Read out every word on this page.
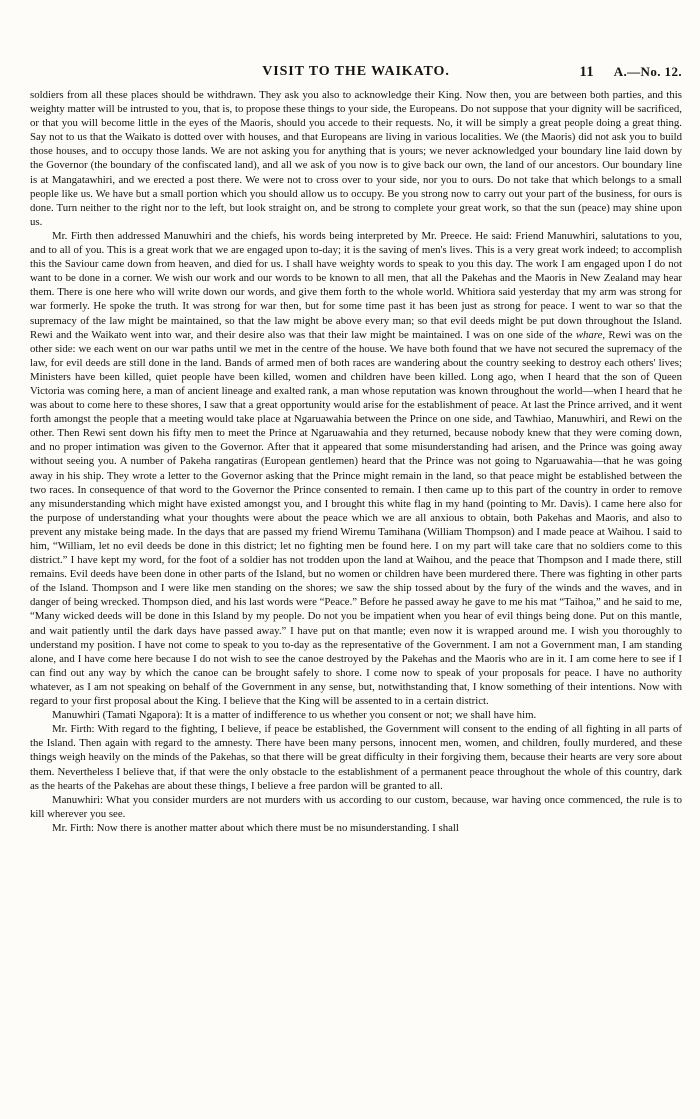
VISIT TO THE WAIKATO.	11 A.—No. 12.

soldiers from all these places should be withdrawn. They ask you also to acknowledge their King. Now then, you are between both parties, and this weighty matter will be intrusted to you, that is, to propose these things to your side, the Europeans. Do not suppose that your dignity will be sacrificed, or that you will become little in the eyes of the Maoris, should you accede to their requests. No, it will be simply a great people doing a great thing. Say not to us that the Waikato is dotted over with houses, and that Europeans are living in various localities. We (the Maoris) did not ask you to build those houses, and to occupy those lands. We are not asking you for anything that is yours; we never acknowledged your boundary line laid down by the Governor (the boundary of the confiscated land), and all we ask of you now is to give back our own, the land of our ancestors. Our boundary line is at Mangatawhiri, and we erected a post there. We were not to cross over to your side, nor you to ours. Do not take that which belongs to a small people like us. We have but a small portion which you should allow us to occupy. Be you strong now to carry out your part of the business, for ours is done. Turn neither to the right nor to the left, but look straight on, and be strong to complete your great work, so that the sun (peace) may shine upon us.

Mr. Firth then addressed Manuwhiri and the chiefs, his words being interpreted by Mr. Preece. He said: Friend Manuwhiri, salutations to you, and to all of you. This is a great work that we are engaged upon to-day; it is the saving of men's lives. This is a very great work indeed; to accomplish this the Saviour came down from heaven, and died for us. I shall have weighty words to speak to you this day. The work I am engaged upon I do not want to be done in a corner. We wish our work and our words to be known to all men, that all the Pakehas and the Maoris in New Zealand may hear them. There is one here who will write down our words, and give them forth to the whole world. Whitiora said yesterday that my arm was strong for war formerly. He spoke the truth. It was strong for war then, but for some time past it has been just as strong for peace. I went to war so that the supremacy of the law might be maintained, so that the law might be above every man; so that evil deeds might be put down throughout the Island. Rewi and the Waikato went into war, and their desire also was that their law might be maintained. I was on one side of the whare, Rewi was on the other side: we each went on our war paths until we met in the centre of the house. We have both found that we have not secured the supremacy of the law, for evil deeds are still done in the land. Bands of armed men of both races are wandering about the country seeking to destroy each others' lives; Ministers have been killed, quiet people have been killed, women and children have been killed. Long ago, when I heard that the son of Queen Victoria was coming here, a man of ancient lineage and exalted rank, a man whose reputation was known throughout the world—when I heard that he was about to come here to these shores, I saw that a great opportunity would arise for the establishment of peace. At last the Prince arrived, and it went forth amongst the people that a meeting would take place at Ngaruawahia between the Prince on one side, and Tawhiao, Manuwhiri, and Rewi on the other. Then Rewi sent down his fifty men to meet the Prince at Ngaruawahia and they returned, because nobody knew that they were coming down, and no proper intimation was given to the Governor. After that it appeared that some misunderstanding had arisen, and the Prince was going away without seeing you. A number of Pakeha rangatiras (European gentlemen) heard that the Prince was not going to Ngaruawahia—that he was going away in his ship. They wrote a letter to the Governor asking that the Prince might remain in the land, so that peace might be established between the two races. In consequence of that word to the Governor the Prince consented to remain. I then came up to this part of the country in order to remove any misunderstanding which might have existed amongst you, and I brought this white flag in my hand (pointing to Mr. Davis). I came here also for the purpose of understanding what your thoughts were about the peace which we are all anxious to obtain, both Pakehas and Maoris, and also to prevent any mistake being made. In the days that are passed my friend Wiremu Tamihana (William Thompson) and I made peace at Waihou. I said to him, “William, let no evil deeds be done in this district; let no fighting men be found here. I on my part will take care that no soldiers come to this district.” I have kept my word, for the foot of a soldier has not trodden upon the land at Waihou, and the peace that Thompson and I made there, still remains. Evil deeds have been done in other parts of the Island, but no women or children have been murdered there. There was fighting in other parts of the Island. Thompson and I were like men standing on the shores; we saw the ship tossed about by the fury of the winds and the waves, and in danger of being wrecked. Thompson died, and his last words were “Peace.” Before he passed away he gave to me his mat “Taihoa,” and he said to me, “Many wicked deeds will be done in this Island by my people. Do not you be impatient when you hear of evil things being done. Put on this mantle, and wait patiently until the dark days have passed away.” I have put on that mantle; even now it is wrapped around me. I wish you thoroughly to understand my position. I have not come to speak to you to-day as the representative of the Government. I am not a Government man, I am standing alone, and I have come here because I do not wish to see the canoe destroyed by the Pakehas and the Maoris who are in it. I am come here to see if I can find out any way by which the canoe can be brought safely to shore. I come now to speak of your proposals for peace. I have no authority whatever, as I am not speaking on behalf of the Government in any sense, but, notwithstanding that, I know something of their intentions. Now with regard to your first proposal about the King. I believe that the King will be assented to in a certain district.

Manuwhiri (Tamati Ngapora): It is a matter of indifference to us whether you consent or not; we shall have him.

Mr. Firth: With regard to the fighting, I believe, if peace be established, the Government will consent to the ending of all fighting in all parts of the Island. Then again with regard to the amnesty. There have been many persons, innocent men, women, and children, foully murdered, and these things weigh heavily on the minds of the Pakehas, so that there will be great difficulty in their forgiving them, because their hearts are very sore about them. Nevertheless I believe that, if that were the only obstacle to the establishment of a permanent peace throughout the whole of this country, dark as the hearts of the Pakehas are about these things, I believe a free pardon will be granted to all.

Manuwhiri: What you consider murders are not murders with us according to our custom, because, war having once commenced, the rule is to kill wherever you see.

Mr. Firth: Now there is another matter about which there must be no misunderstanding. I shall
